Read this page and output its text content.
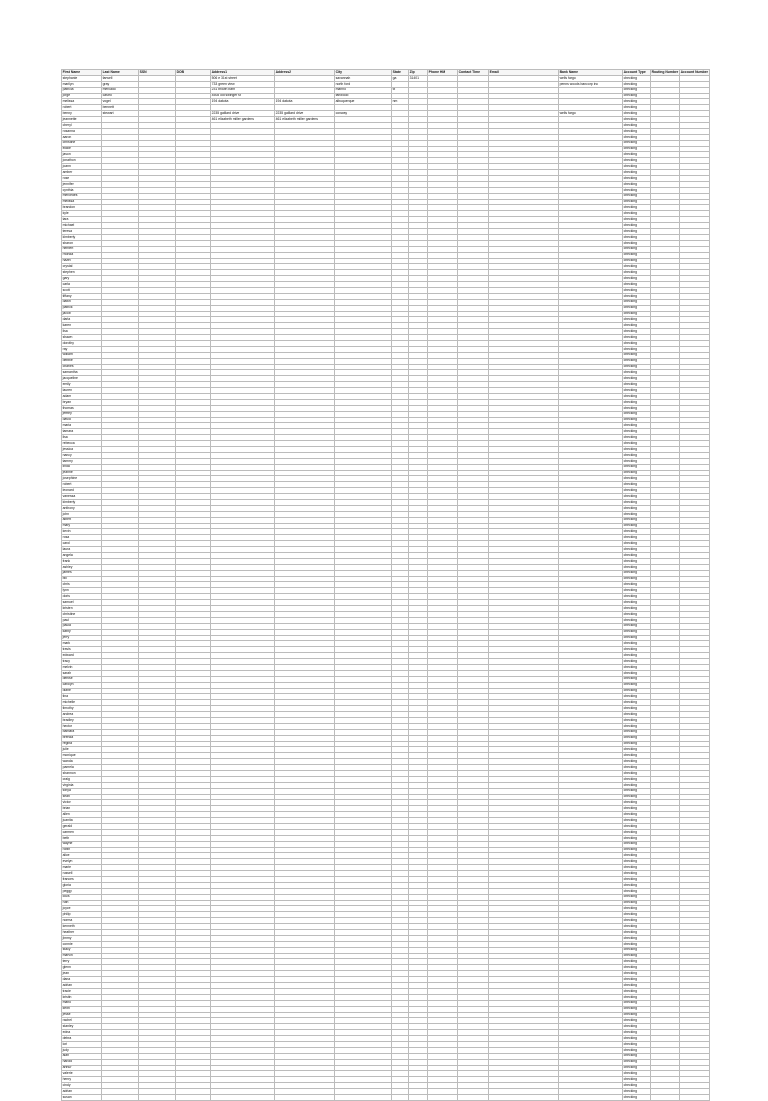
First Name	Last Name	SSN	DOB	Address1	Address2	City	State	Zip	Phone HM	Contact Time	Email	Bank Name	Account Type	Routing Number	Account Number
stephanie	farwell			506 e 31st street		savannah	ga	31401				wells fargo	checking		
marilyn	gray			733 green view		north ford						penns woods bancorp inc	checking		
patricia	mercado			231 brown barn		marino	tx						checking		
jorge	castro			4508 old swinger st		fanwood							checking		
melissa	vogel			194 dakota	194 dakota	albuquerque	nm						checking		
robert	bennett												checking		
benny	stewart			2235 gaillard drive	2235 gaillard drive	conway						wells fargo	checking		
jeannette				461 elizabeth miller gardens	461 elizabeth miller gardens								checking		
cheryl													checking		
rosanna													checking		
aaron													checking		
christine													checking		
eddie													checking		
jason													checking		
jonathon													checking		
joann													checking		
amber													checking		
rose													checking		
jennifer													checking		
cynthia													checking		
mercedes													checking		
melissa													checking		
brandon													checking		
kyle													checking		
tara													checking		
michael													checking		
teresa													checking		
kimberly													checking		
sharon													checking		
herbert													checking		
rhonda													checking		
hazel													checking		
crystal													checking		
stephen													checking		
gary													checking		
carla													checking		
scott													checking		
tiffany													checking		
dawn													checking		
patrick													checking		
jacob													checking		
darla													checking		
karen													checking		
lisa													checking		
shawn													checking		
dorothy													checking		
ray													checking		
william													checking		
debbie													checking		
charles													checking		
samantha													checking		
jacqueline													checking		
emily													checking		
lauren													checking		
adam													checking		
bryan													checking		
thomas													checking		
jeffrey													checking		
david													checking		
maria													checking		
tamara													checking		
lisa													checking		
rebecca													checking		
jessica													checking		
nancy													checking		
tammy													checking		
linda													checking		
jeanne													checking		
josephine													checking		
robert													checking		
leonard													checking		
vanessa													checking		
kimberly													checking		
anthony													checking		
john													checking		
albert													checking		
mary													checking		
kevin													checking		
rosa													checking		
carol													checking		
laura													checking		
angela													checking		
frank													checking		
ashley													checking		
james													checking		
bill													checking		
chris													checking		
lynn													checking		
doris													checking		
samuel													checking		
kristen													checking		
christine													checking		
paul													checking		
paula													checking		
kathy													checking		
jerry													checking		
mark													checking		
travis													checking		
edward													checking		
tracy													checking		
melvin													checking		
sarah													checking		
denise													checking		
carolyn													checking		
diane													checking		
tina													checking		
michelle													checking		
timothy													checking		
andrea													checking		
bradley													checking		
hector													checking		
barbara													checking		
brenda													checking		
regina													checking		
julie													checking		
monique													checking		
wanda													checking		
pamela													checking		
shannon													checking		
craig													checking		
virginia													checking		
tonya													checking		
sean													checking		
victor													checking		
brian													checking		
allen													checking		
juanita													checking		
gerald													checking		
carmen													checking		
beth													checking		
wayne													checking		
robin													checking		
alice													checking		
evelyn													checking		
marie													checking		
russell													checking		
frances													checking		
gloria													checking		
peggy													checking		
louis													checking		
ruth													checking		
joyce													checking		
philip													checking		
norma													checking		
kenneth													checking		
heather													checking		
jimmy													checking		
connie													checking		
stacy													checking		
marvin													checking		
terry													checking		
glenn													checking		
jean													checking		
dana													checking		
adrian													checking		
tracie													checking		
kristin													checking		
mario													checking		
keith													checking		
jesse													checking		
rachel													checking		
stanley													checking		
edna													checking		
debra													checking		
lori													checking		
judy													checking		
alan													checking		
harold													checking		
arthur													checking		
valerie													checking		
henry													checking		
cindy													checking		
adrian													checking		
susan													checking		
